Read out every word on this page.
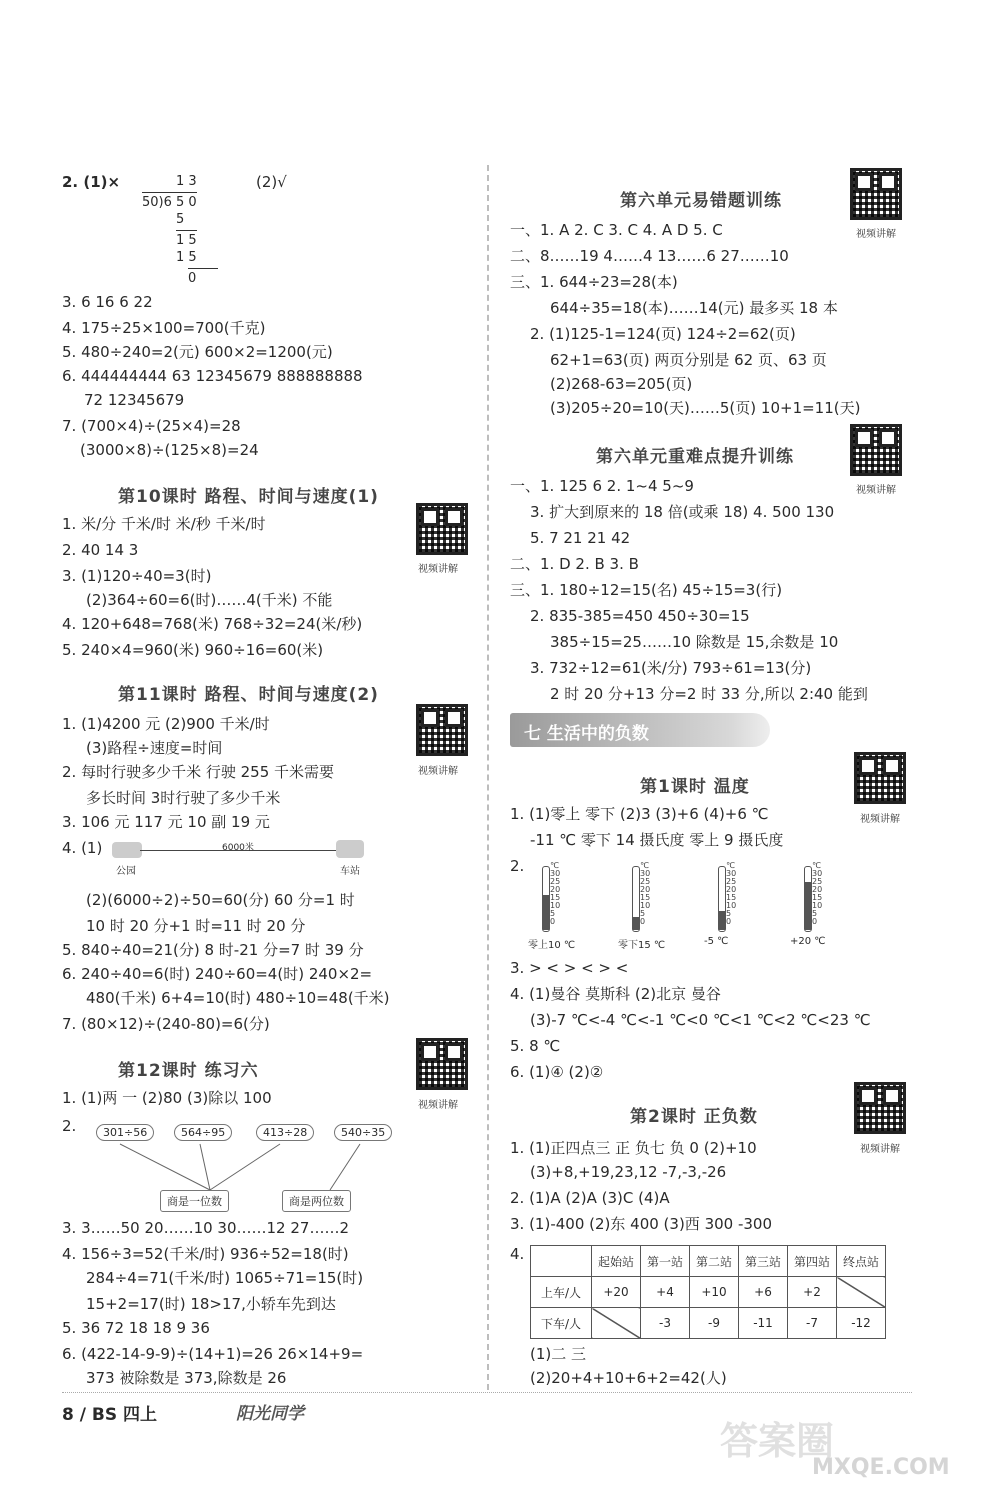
2. (1)×	(2)√
1 3
50)6 5 0
5
1 5
1 5
0
3. 6 16 6 22
4. 175÷25×100=700(千克)
5. 480÷240=2(元) 600×2=1200(元)
6. 444444444 63 12345679 888888888
72 12345679
7. (700×4)÷(25×4)=28
(3000×8)÷(125×8)=24
第10课时 路程、时间与速度(1)
视频讲解
1. 米/分 千米/时 米/秒 千米/时
2. 40 14 3
3. (1)120÷40=3(时)
(2)364÷60=6(时)……4(千米) 不能
4. 120+648=768(米) 768÷32=24(米/秒)
5. 240×4=960(米) 960÷16=60(米)
第11课时 路程、时间与速度(2)
视频讲解
1. (1)4200 元 (2)900 千米/时
(3)路程÷速度=时间
2. 每时行驶多少千米 行驶 255 千米需要
多长时间 3时行驶了多少千米
3. 106 元 117 元 10 副 19 元
4. (1)	6000米
公园	车站
(2)(6000÷2)÷50=60(分) 60 分=1 时
10 时 20 分+1 时=11 时 20 分
5. 840÷40=21(分) 8 时-21 分=7 时 39 分
6. 240÷40=6(时) 240÷60=4(时) 240×2=
480(千米) 6+4=10(时) 480÷10=48(千米)
7. (80×12)÷(240-80)=6(分)
第12课时 练习六
视频讲解
1. (1)两 一 (2)80 (3)除以 100
2.	301÷56	564÷95	413÷28	540÷35
商是一位数	商是两位数
3. 3……50 20……10 30……12 27……2
4. 156÷3=52(千米/时) 936÷52=18(时)
284÷4=71(千米/时) 1065÷71=15(时)
15+2=17(时) 18>17,小轿车先到达
5. 36 72 18 18 9 36
6. (422-14-9-9)÷(14+1)=26 26×14+9=
373 被除数是 373,除数是 26
第六单元易错题训练
视频讲解
一、1. A 2. C 3. C 4. A D 5. C
二、8……19 4……4 13……6 27……10
三、1. 644÷23=28(本)
644÷35=18(本)……14(元) 最多买 18 本
2. (1)125-1=124(页) 124÷2=62(页)
62+1=63(页) 两页分别是 62 页、63 页
(2)268-63=205(页)
(3)205÷20=10(天)……5(页) 10+1=11(天)
第六单元重难点提升训练
视频讲解
一、1. 125 6 2. 1~4 5~9
3. 扩大到原来的 18 倍(或乘 18) 4. 500 130
5. 7 21 21 42
二、1. D 2. B 3. B
三、1. 180÷12=15(名) 45÷15=3(行)
2. 835-385=450 450÷30=15
385÷15=25……10 除数是 15,余数是 10
3. 732÷12=61(米/分) 793÷61=13(分)
2 时 20 分+13 分=2 时 33 分,所以 2:40 能到
七 生活中的负数
第1课时 温度
视频讲解
1. (1)零上 零下 (2)3 (3)+6 (4)+6 ℃
-11 ℃ 零下 14 摄氏度 零上 9 摄氏度
2.	℃
30
25
20
15
10
5
0
零上10 ℃
℃
30
25
20
15
10
5
0
零下15 ℃
℃
30
25
20
15
10
5
0
-5 ℃
℃
30
25
20
15
10
5
0
+20 ℃
3. > < > < > <
4. (1)曼谷 莫斯科 (2)北京 曼谷
(3)-7 ℃<-4 ℃<-1 ℃<0 ℃<1 ℃<2 ℃<23 ℃
5. 8 ℃
6. (1)④ (2)②
第2课时 正负数
视频讲解
1. (1)正四点三 正 负七 负 0 (2)+10
(3)+8,+19,23,12 -7,-3,-26
2. (1)A (2)A (3)C (4)A
3. (1)-400 (2)东 400 (3)西 300 -300
4.
		起始站	第一站	第二站	第三站	第四站	终点站
上车/人	+20	+4	+10	+6	+2	
下车/人		-3	-9	-11	-7	-12
(1)二 三
(2)20+4+10+6+2=42(人)
8 / BS 四上	阳光同学
答案圈
MXQE.COM
